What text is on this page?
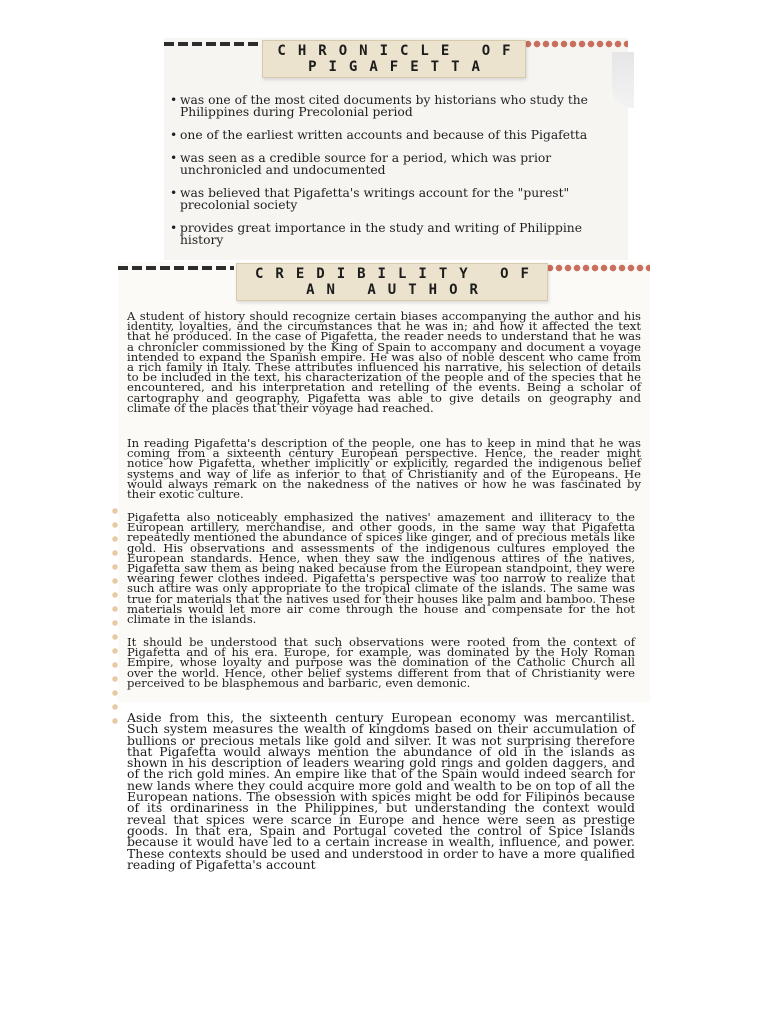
CHRONICLE OF
PIGAFETTA
• was one of the most cited documents by historians who study the Philippines during Precolonial period
• one of the earliest written accounts and because of this Pigafetta
• was seen as a credible source for a period, which was prior unchronicled and undocumented
• was believed that Pigafetta's writings account for the "purest" precolonial society
• provides great importance in the study and writing of Philippine history
CREDIBILITY OF
AN AUTHOR

A student of history should recognize certain biases accompanying the author and his identity, loyalties, and the circumstances that he was in; and how it affected the text that he produced. In the case of Pigafetta, the reader needs to understand that he was a chronicler commissioned by the King of Spain to accompany and document a voyage intended to expand the Spanish empire. He was also of noble descent who came from a rich family in Italy. These attributes influenced his narrative, his selection of details to be included in the text, his characterization of the people and of the species that he encountered, and his interpretation and retelling of the events. Being a scholar of cartography and geography, Pigafetta was able to give details on geography and climate of the places that their voyage had reached.

In reading Pigafetta's description of the people, one has to keep in mind that he was coming from a sixteenth century European perspective. Hence, the reader might notice how Pigafetta, whether implicitly or explicitly, regarded the indigenous belief systems and way of life as inferior to that of Christianity and of the Europeans. He would always remark on the nakedness of the natives or how he was fascinated by their exotic culture.

Pigafetta also noticeably emphasized the natives' amazement and illiteracy to the European artillery, merchandise, and other goods, in the same way that Pigafetta repeatedly mentioned the abundance of spices like ginger, and of precious metals like gold. His observations and assessments of the indigenous cultures employed the European standards. Hence, when they saw the indigenous attires of the natives, Pigafetta saw them as being naked because from the European standpoint, they were wearing fewer clothes indeed. Pigafetta's perspective was too narrow to realize that such attire was only appropriate to the tropical climate of the islands. The same was true for materials that the natives used for their houses like palm and bamboo. These materials would let more air come through the house and compensate for the hot climate in the islands.

It should be understood that such observations were rooted from the context of Pigafetta and of his era. Europe, for example, was dominated by the Holy Roman Empire, whose loyalty and purpose was the domination of the Catholic Church all over the world. Hence, other belief systems different from that of Christianity were perceived to be blasphemous and barbaric, even demonic.

Aside from this, the sixteenth century European economy was mercantilist. Such system measures the wealth of kingdoms based on their accumulation of bullions or precious metals like gold and silver. It was not surprising therefore that Pigafetta would always mention the abundance of old in the islands as shown in his description of leaders wearing gold rings and golden daggers, and of the rich gold mines. An empire like that of the Spain would indeed search for new lands where they could acquire more gold and wealth to be on top of all the European nations. The obsession with spices might be odd for Filipinos because of its ordinariness in the Philippines, but understanding the context would reveal that spices were scarce in Europe and hence were seen as prestige goods. In that era, Spain and Portugal coveted the control of Spice Islands because it would have led to a certain increase in wealth, influence, and power. These contexts should be used and understood in order to have a more qualified reading of Pigafetta's account
